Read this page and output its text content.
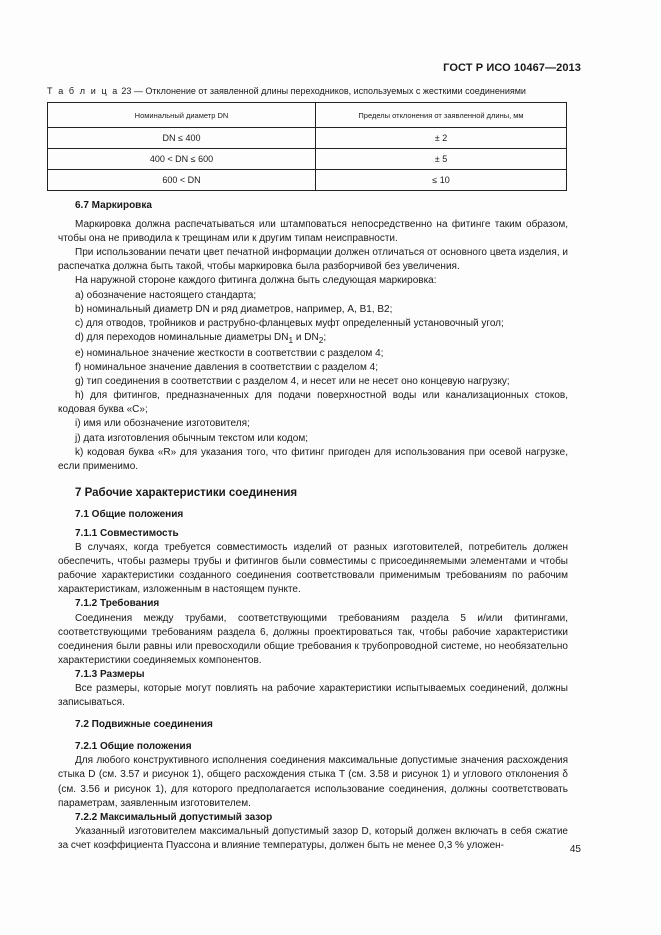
ГОСТ Р ИСО 10467—2013
Т а б л и ц а 23 — Отклонение от заявленной длины переходников, используемых с жесткими соединениями
Номинальный диаметр DN	Пределы отклонения от заявленной длины, мм
DN ≤ 400	± 2
400 < DN ≤ 600	± 5
600 < DN	≤ 10

6.7 Маркировка

Маркировка должна распечатываться или штамповаться непосредственно на фитинге таким образом, чтобы она не приводила к трещинам или к другим типам неисправности.

При использовании печати цвет печатной информации должен отличаться от основного цвета изделия, и распечатка должна быть такой, чтобы маркировка была разборчивой без увеличения.

На наружной стороне каждого фитинга должна быть следующая маркировка:

a) обозначение настоящего стандарта;

b) номинальный диаметр DN и ряд диаметров, например, А, В1, В2;

c) для отводов, тройников и раструбно-фланцевых муфт определенный установочный угол;

d) для переходов номинальные диаметры $DN_1$ и $DN_2$;

e) номинальное значение жесткости в соответствии с разделом 4;

f) номинальное значение давления в соответствии с разделом 4;

g) тип соединения в соответствии с разделом 4, и несет или не несет оно концевую нагрузку;

h) для фитингов, предназначенных для подачи поверхностной воды или канализационных стоков, кодовая буква «С»;

i) имя или обозначение изготовителя;

j) дата изготовления обычным текстом или кодом;

k) кодовая буква «R» для указания того, что фитинг пригоден для использования при осевой нагрузке, если применимо.

7 Рабочие характеристики соединения

7.1 Общие положения

7.1.1 Совместимость

В случаях, когда требуется совместимость изделий от разных изготовителей, потребитель должен обеспечить, чтобы размеры трубы и фитингов были совместимы с присоединяемыми элементами и чтобы рабочие характеристики созданного соединения соответствовали применимым требованиям по рабочим характеристикам, изложенным в настоящем пункте.

7.1.2 Требования

Соединения между трубами, соответствующими требованиям раздела 5 и/или фитингами, соответствующими требованиям раздела 6, должны проектироваться так, чтобы рабочие характеристики соединения были равны или превосходили общие требования к трубопроводной системе, но необязательно характеристики соединяемых компонентов.

7.1.3 Размеры

Все размеры, которые могут повлиять на рабочие характеристики испытываемых соединений, должны записываться.

7.2 Подвижные соединения

7.2.1 Общие положения

Для любого конструктивного исполнения соединения максимальные допустимые значения расхождения стыка D (см. 3.57 и рисунок 1), общего расхождения стыка T (см. 3.58 и рисунок 1) и углового отклонения δ (см. 3.56 и рисунок 1), для которого предполагается использование соединения, должны соответствовать параметрам, заявленным изготовителем.

7.2.2 Максимальный допустимый зазор

Указанный изготовителем максимальный допустимый зазор D, который должен включать в себя сжатие за счет коэффициента Пуассона и влияние температуры, должен быть не менее 0,3 % уложен-	45
